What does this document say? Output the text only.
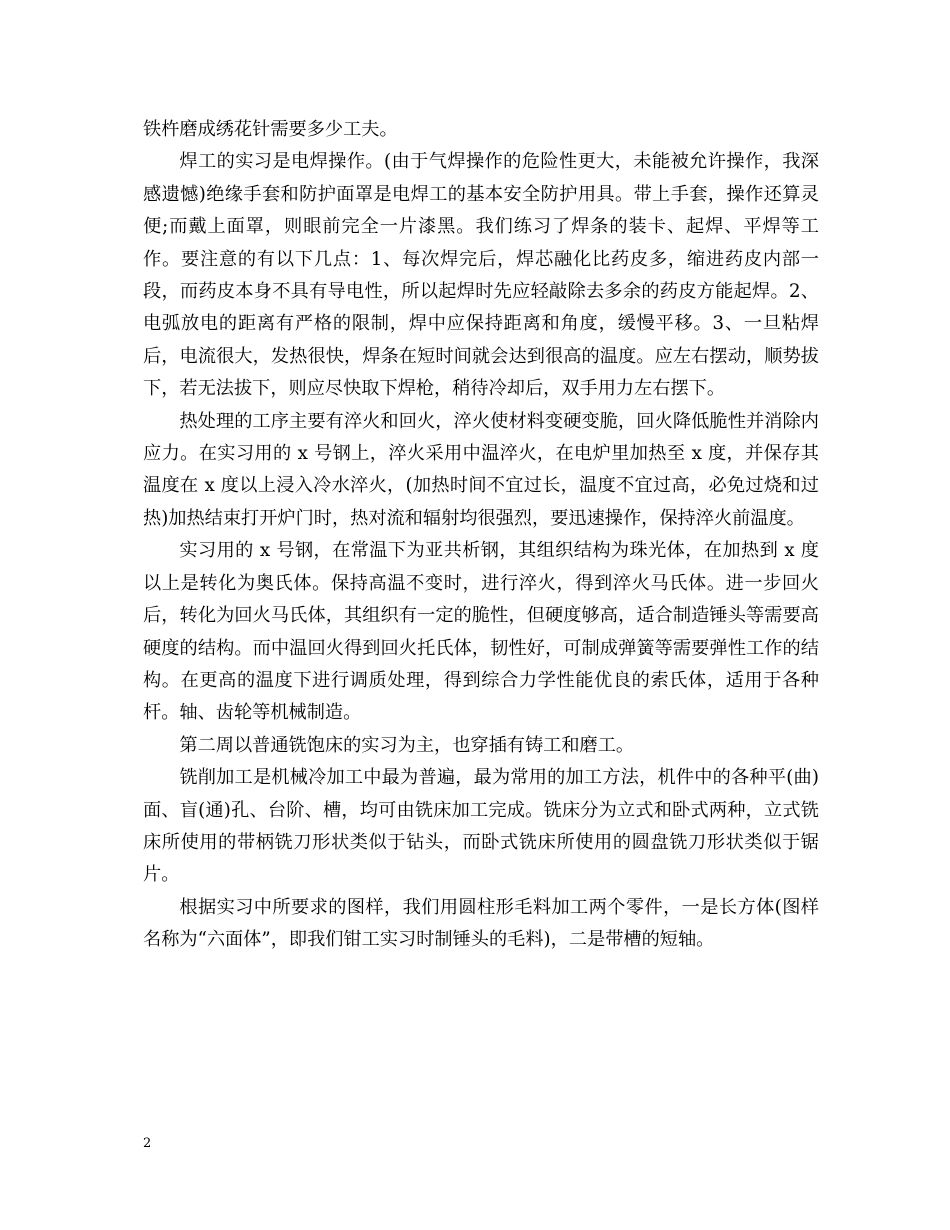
铁杵磨成绣花针需要多少工夫。

焊工的实习是电焊操作。(由于气焊操作的危险性更大，未能被允许操作，我深感遗憾)绝缘手套和防护面罩是电焊工的基本安全防护用具。带上手套，操作还算灵便;而戴上面罩，则眼前完全一片漆黑。我们练习了焊条的装卡、起焊、平焊等工作。要注意的有以下几点：1、每次焊完后，焊芯融化比药皮多，缩进药皮内部一段，而药皮本身不具有导电性，所以起焊时先应轻敲除去多余的药皮方能起焊。2、电弧放电的距离有严格的限制，焊中应保持距离和角度，缓慢平移。3、一旦粘焊后，电流很大，发热很快，焊条在短时间就会达到很高的温度。应左右摆动，顺势拔下，若无法拔下，则应尽快取下焊枪，稍待冷却后，双手用力左右摆下。

热处理的工序主要有淬火和回火，淬火使材料变硬变脆，回火降低脆性并消除内应力。在实习用的 x 号钢上，淬火采用中温淬火，在电炉里加热至 x 度，并保存其温度在 x 度以上浸入冷水淬火，(加热时间不宜过长，温度不宜过高，必免过烧和过热)加热结束打开炉门时，热对流和辐射均很强烈，要迅速操作，保持淬火前温度。

实习用的 x 号钢，在常温下为亚共析钢，其组织结构为珠光体，在加热到 x 度以上是转化为奥氏体。保持高温不变时，进行淬火，得到淬火马氏体。进一步回火后，转化为回火马氏体，其组织有一定的脆性，但硬度够高，适合制造锤头等需要高硬度的结构。而中温回火得到回火托氏体，韧性好，可制成弹簧等需要弹性工作的结构。在更高的温度下进行调质处理，得到综合力学性能优良的索氏体，适用于各种杆。轴、齿轮等机械制造。

第二周以普通铣饱床的实习为主，也穿插有铸工和磨工。

铣削加工是机械冷加工中最为普遍，最为常用的加工方法，机件中的各种平(曲)面、盲(通)孔、台阶、槽，均可由铣床加工完成。铣床分为立式和卧式两种，立式铣床所使用的带柄铣刀形状类似于钻头，而卧式铣床所使用的圆盘铣刀形状类似于锯片。

根据实习中所要求的图样，我们用圆柱形毛料加工两个零件，一是长方体(图样名称为“六面体”，即我们钳工实习时制锤头的毛料)，二是带槽的短轴。

2
